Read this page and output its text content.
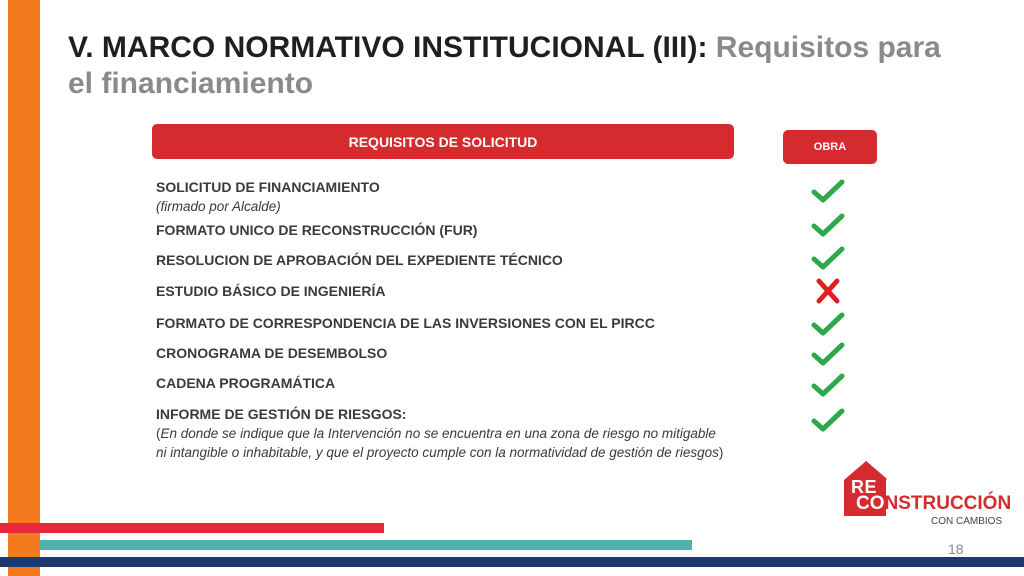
V. MARCO NORMATIVO INSTITUCIONAL (III): Requisitos para el financiamiento
REQUISITOS DE SOLICITUD	OBRA
SOLICITUD DE FINANCIAMIENTO
(firmado por Alcalde)
FORMATO UNICO DE RECONSTRUCCIÓN (FUR)
RESOLUCION DE APROBACIÓN DEL EXPEDIENTE TÉCNICO
ESTUDIO BÁSICO DE INGENIERÍA
FORMATO DE CORRESPONDENCIA DE LAS INVERSIONES CON EL PIRCC
CRONOGRAMA DE DESEMBOLSO
CADENA PROGRAMÁTICA
INFORME DE GESTIÓN DE RIESGOS:
(En donde se indique que la Intervención no se encuentra en una zona de riesgo no mitigable
ni intangible o inhabitable, y que el proyecto cumple con la normatividad de gestión de riesgos)
RE
CONSTRUCCIÓN
CON CAMBIOS
18
